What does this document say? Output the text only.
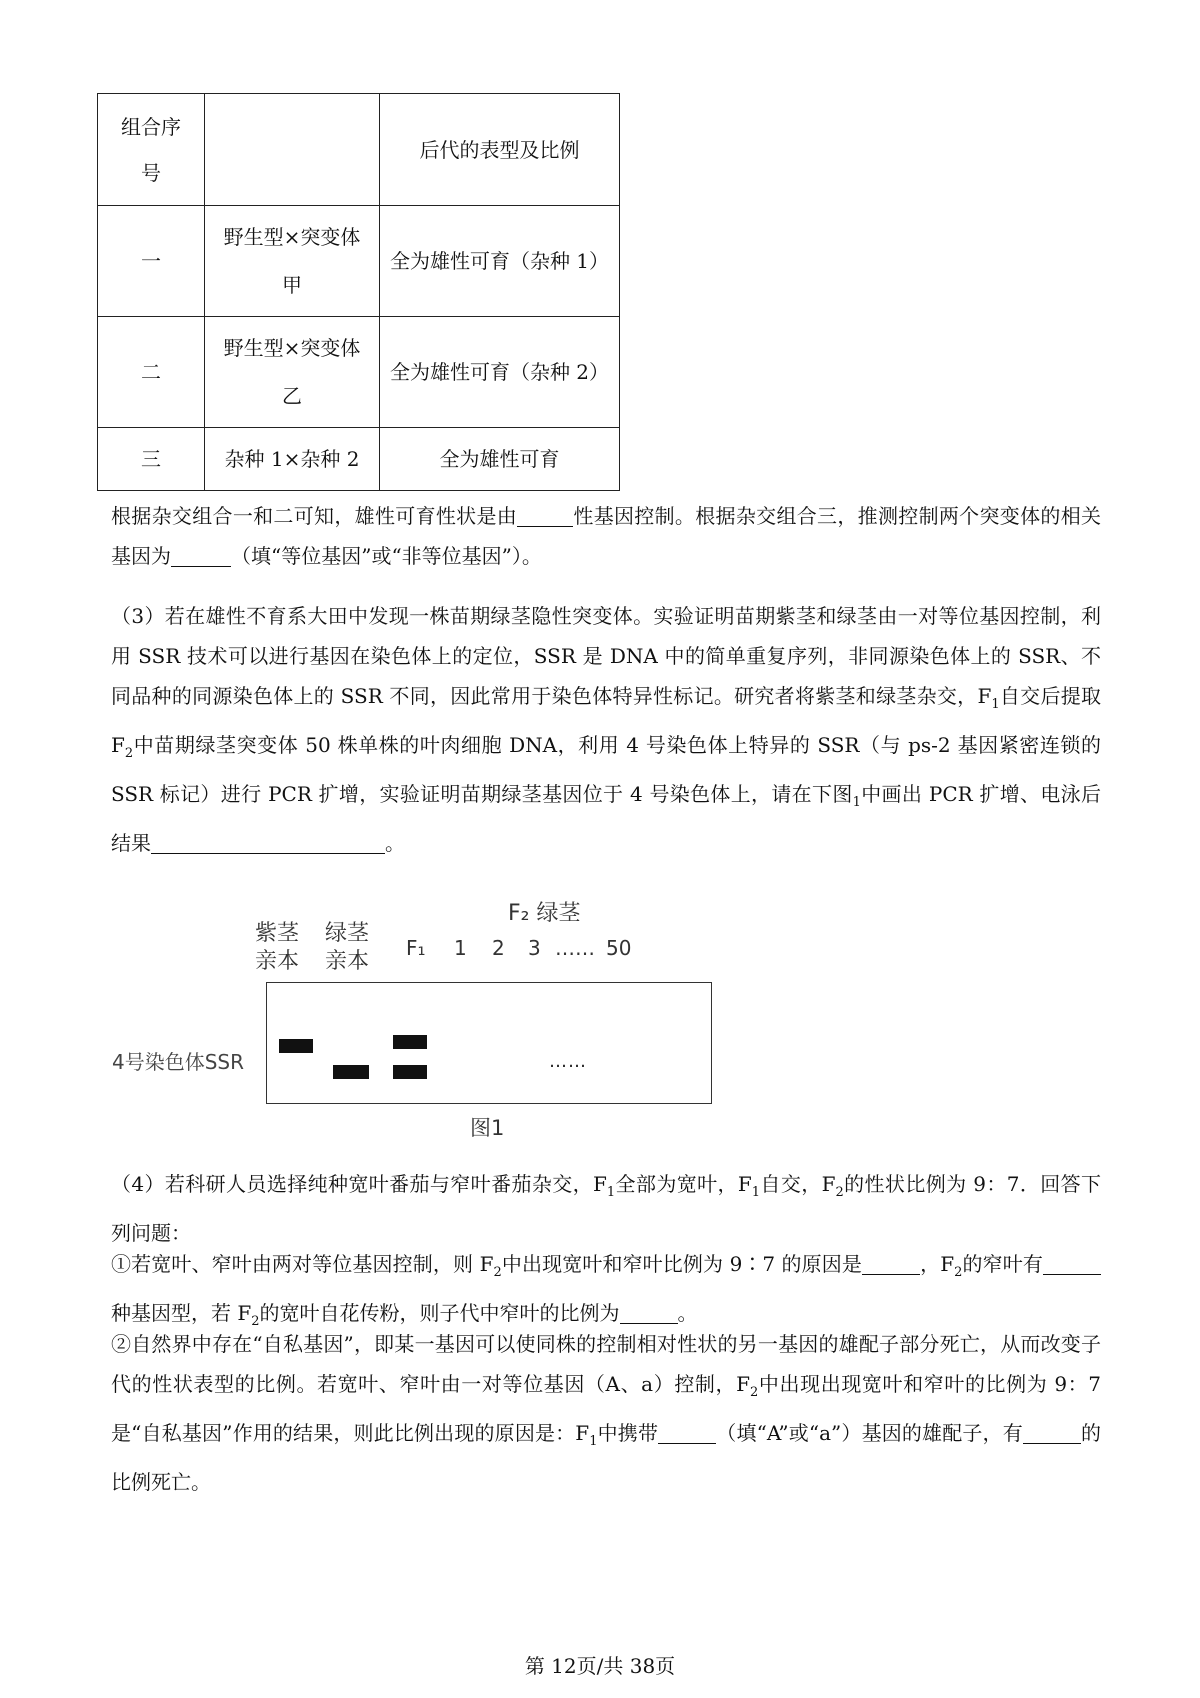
组合序号		后代的表型及比例
一	野生型×突变体甲	全为雄性可育（杂种 1）
二	野生型×突变体乙	全为雄性可育（杂种 2）
三	杂种 1×杂种 2	全为雄性可育

根据杂交组合一和二可知，雄性可育性状是由	性基因控制。根据杂交组合三，推测控制两个突变体的相关基因为	（填“等位基因”或“非等位基因”）。

（3）若在雄性不育系大田中发现一株苗期绿茎隐性突变体。实验证明苗期紫茎和绿茎由一对等位基因控制，利用 SSR 技术可以进行基因在染色体上的定位，SSR 是 DNA 中的简单重复序列，非同源染色体上的 SSR、不同品种的同源染色体上的 SSR 不同，因此常用于染色体特异性标记。研究者将紫茎和绿茎杂交，$F_1$自交后提取 $F_2$中苗期绿茎突变体 50 株单株的叶肉细胞 DNA，利用 4 号染色体上特异的 SSR（与 ps-2 基因紧密连锁的 SSR 标记）进行 PCR 扩增，实验证明苗期绿茎基因位于 4 号染色体上，请在下图$_1$中画出 PCR 扩增、电泳后结果	。

F₂ 绿茎
紫茎
亲本
绿茎
亲本
F₁ 1 2 3 …… 50
4号染色体SSR	……
图1

（4）若科研人员选择纯种宽叶番茄与窄叶番茄杂交，$F_1$全部为宽叶，$F_1$自交，$F_2$的性状比例为 9：7．回答下列问题：

①若宽叶、窄叶由两对等位基因控制，则 $F_2$中出现宽叶和窄叶比例为 9∶7 的原因是	，$F_2$的窄叶有种基因型，若 $F_2$的宽叶自花传粉，则子代中窄叶的比例为	。

②自然界中存在“自私基因”，即某一基因可以使同株的控制相对性状的另一基因的雄配子部分死亡，从而改变子代的性状表型的比例。若宽叶、窄叶由一对等位基因（A、a）控制，$F_2$中出现出现宽叶和窄叶的比例为 9：7 是“自私基因”作用的结果，则此比例出现的原因是：$F_1$中携带	（填“A”或“a”）基因的雄配子，有	的比例死亡。

第 12页/共 38页
